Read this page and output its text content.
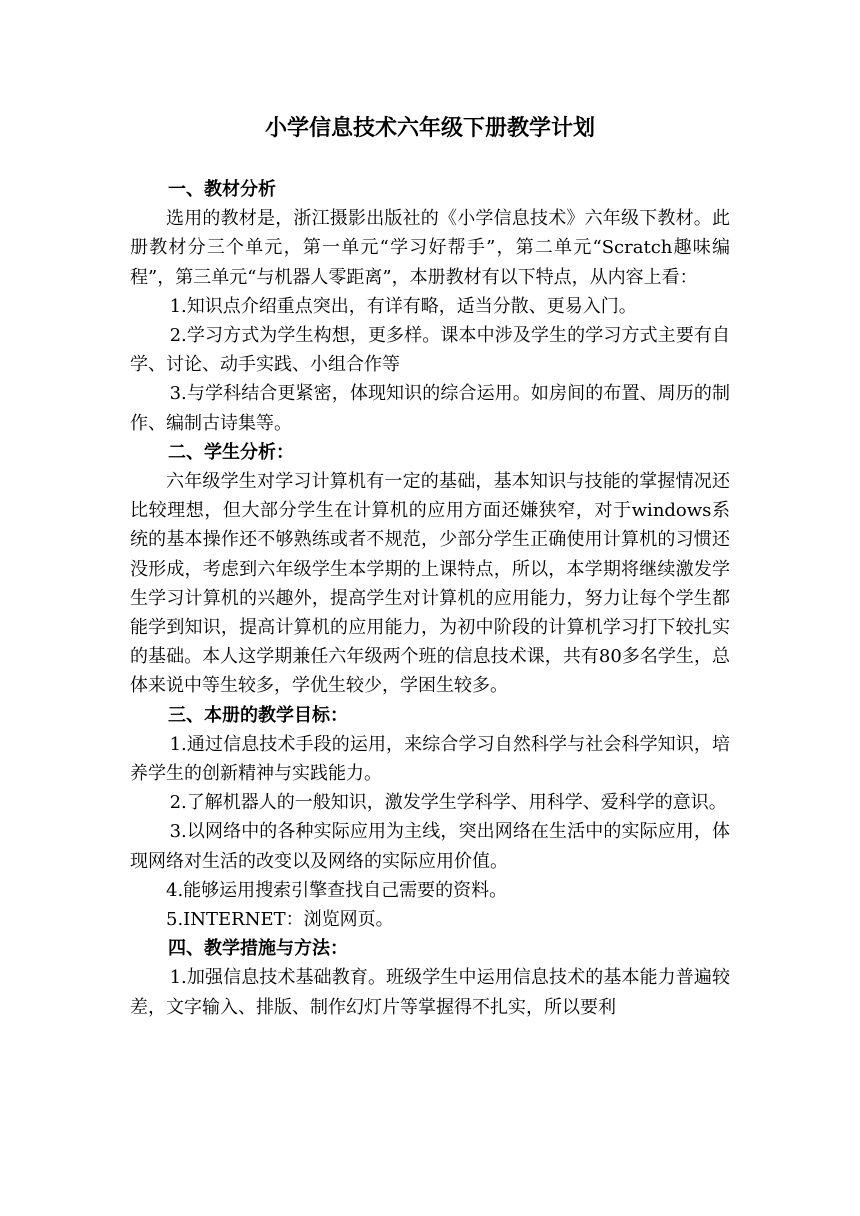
小学信息技术六年级下册教学计划
一、教材分析

选用的教材是，浙江摄影出版社的《小学信息技术》六年级下教材。此册教材分三个单元，第一单元“学习好帮手”，第二单元“Scratch趣味编程”，第三单元“与机器人零距离”，本册教材有以下特点，从内容上看：

1.知识点介绍重点突出，有详有略，适当分散、更易入门。

2.学习方式为学生构想，更多样。课本中涉及学生的学习方式主要有自学、讨论、动手实践、小组合作等

3.与学科结合更紧密，体现知识的综合运用。如房间的布置、周历的制作、编制古诗集等。

二、学生分析：

六年级学生对学习计算机有一定的基础，基本知识与技能的掌握情况还比较理想，但大部分学生在计算机的应用方面还嫌狭窄，对于windows系统的基本操作还不够熟练或者不规范，少部分学生正确使用计算机的习惯还没形成，考虑到六年级学生本学期的上课特点，所以，本学期将继续激发学生学习计算机的兴趣外，提高学生对计算机的应用能力，努力让每个学生都能学到知识，提高计算机的应用能力，为初中阶段的计算机学习打下较扎实的基础。本人这学期兼任六年级两个班的信息技术课，共有80多名学生，总体来说中等生较多，学优生较少，学困生较多。

三、本册的教学目标：

1.通过信息技术手段的运用，来综合学习自然科学与社会科学知识，培养学生的创新精神与实践能力。

2.了解机器人的一般知识，激发学生学科学、用科学、爱科学的意识。

3.以网络中的各种实际应用为主线，突出网络在生活中的实际应用，体现网络对生活的改变以及网络的实际应用价值。

4.能够运用搜索引擎查找自己需要的资料。

5.INTERNET：浏览网页。

四、教学措施与方法：

1.加强信息技术基础教育。班级学生中运用信息技术的基本能力普遍较差，文字输入、排版、制作幻灯片等掌握得不扎实，所以要利
